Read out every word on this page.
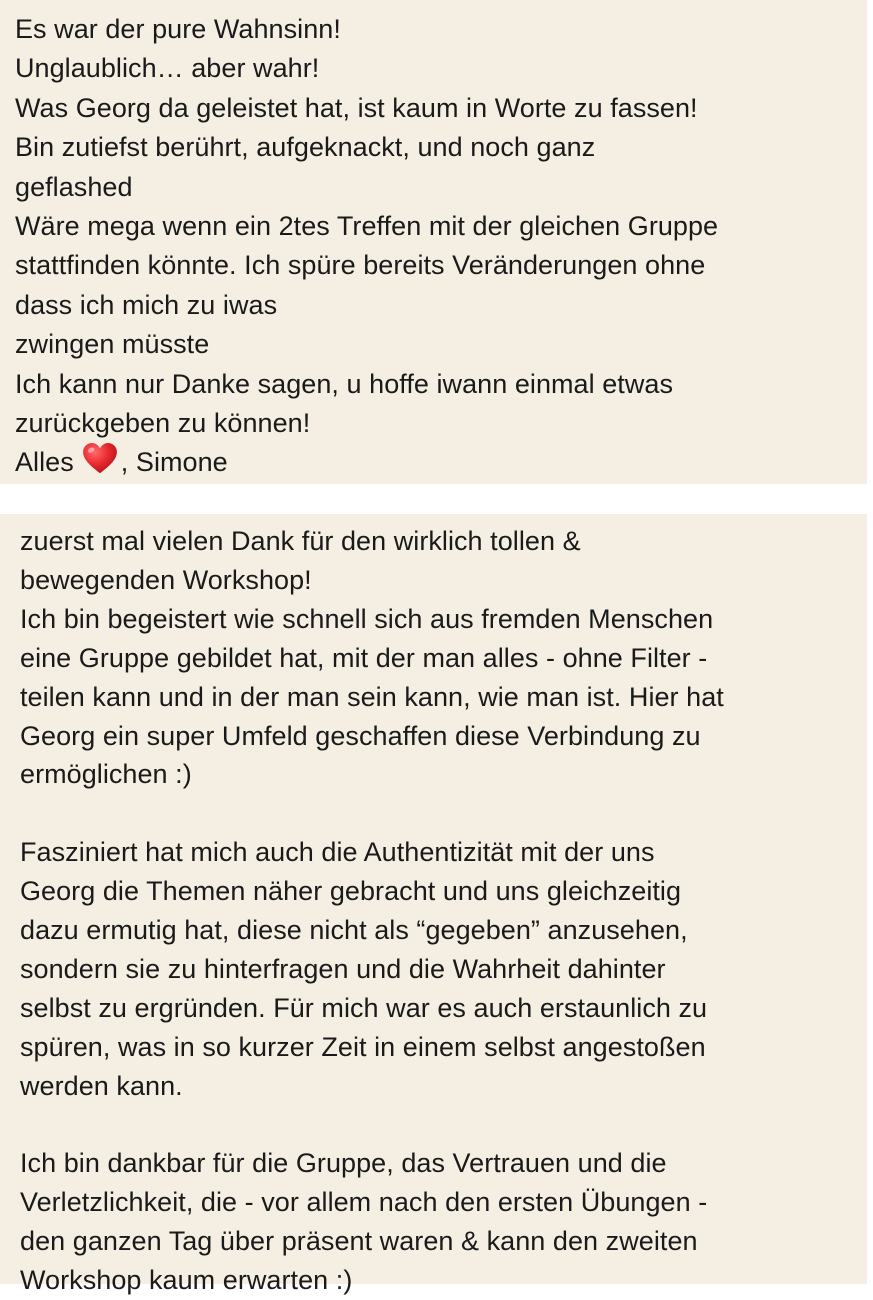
Es war der pure Wahnsinn!
Unglaublich… aber wahr!
Was Georg da geleistet hat, ist kaum in Worte zu fassen!
Bin zutiefst berührt, aufgeknackt, und noch ganz
geflashed
Wäre mega wenn ein 2tes Treffen mit der gleichen Gruppe
stattfinden könnte. Ich spüre bereits Veränderungen ohne
dass ich mich zu iwas
zwingen müsste
Ich kann nur Danke sagen, u hoffe iwann einmal etwas
zurückgeben zu können!
Alles , Simone
zuerst mal vielen Dank für den wirklich tollen &
bewegenden Workshop!
Ich bin begeistert wie schnell sich aus fremden Menschen
eine Gruppe gebildet hat, mit der man alles - ohne Filter -
teilen kann und in der man sein kann, wie man ist. Hier hat
Georg ein super Umfeld geschaffen diese Verbindung zu
ermöglichen :)
Fasziniert hat mich auch die Authentizität mit der uns
Georg die Themen näher gebracht und uns gleichzeitig
dazu ermutig hat, diese nicht als “gegeben” anzusehen,
sondern sie zu hinterfragen und die Wahrheit dahinter
selbst zu ergründen. Für mich war es auch erstaunlich zu
spüren, was in so kurzer Zeit in einem selbst angestoßen
werden kann.
Ich bin dankbar für die Gruppe, das Vertrauen und die
Verletzlichkeit, die - vor allem nach den ersten Übungen -
den ganzen Tag über präsent waren & kann den zweiten
Workshop kaum erwarten :)
